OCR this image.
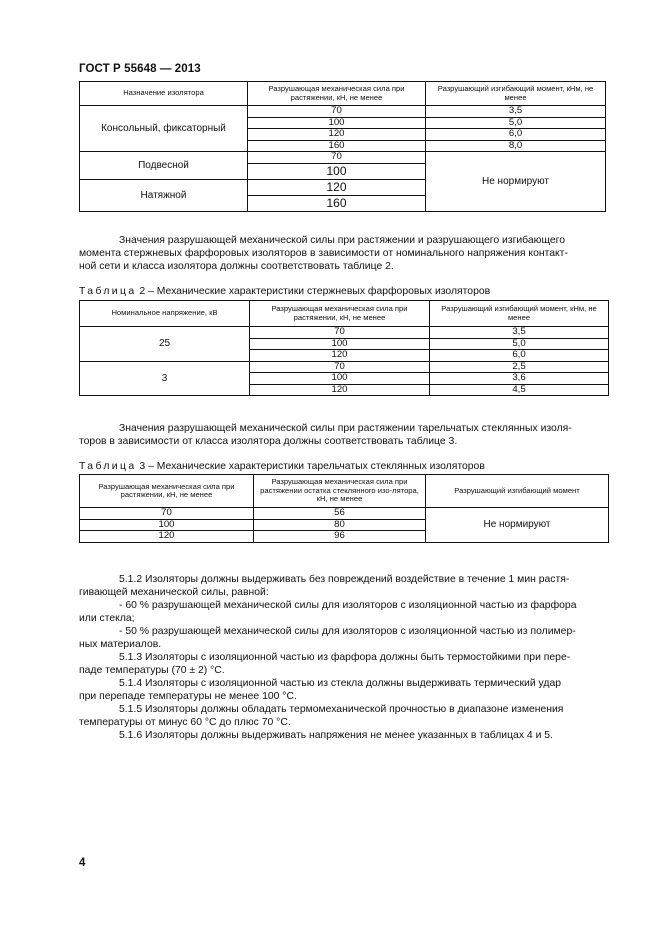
ГОСТ Р 55648 — 2013
Назначение изолятора	Разрушающая механическая сила при растяжении, кН, не менее	Разрушающий изгибающий момент, кНм, не менее
Консольный, фиксаторный	70	3,5
	100	5,0
	120	6,0
	160	8,0
Подвесной	70	Не нормируют
	100	
Натяжной	120	
	160	
Значения разрушающей механической силы при растяжении и разрушающего изгибающего
момента стержневых фарфоровых изоляторов в зависимости от номинального напряжения контакт-
ной сети и класса изолятора должны соответствовать таблице 2.
Таблица 2 – Механические характеристики стержневых фарфоровых изоляторов
Номинальное напряжение, кВ	Разрушающая механическая сила при растяжении, кН, не менее	Разрушающий изгибающий момент, кНм, не менее
25	70	3,5
	100	5,0
	120	6,0
3	70	2,5
	100	3,6
	120	4,5
Значения разрушающей механической силы при растяжении тарельчатых стеклянных изоля-
торов в зависимости от класса изолятора должны соответствовать таблице 3.
Таблица 3 – Механические характеристики тарельчатых стеклянных изоляторов
Разрушающая механическая сила при растяжении, кН, не менее	Разрушающая механическая сила при растяжении остатка стеклянного изо-лятора, кН, не менее	Разрушающий изгибающий момент
70	56	Не нормируют
100	80	
120	96	
5.1.2 Изоляторы должны выдерживать без повреждений воздействие в течение 1 мин растя-
гивающей механической силы, равной:
- 60 % разрушающей механической силы для изоляторов с изоляционной частью из фарфора
или стекла;
- 50 % разрушающей механической силы для изоляторов с изоляционной частью из полимер-
ных материалов.
5.1.3 Изоляторы с изоляционной частью из фарфора должны быть термостойкими при пере-
паде температуры (70 ± 2) °С.
5.1.4 Изоляторы с изоляционной частью из стекла должны выдерживать термический удар
при перепаде температуры не менее 100 °С.
5.1.5 Изоляторы должны обладать термомеханической прочностью в диапазоне изменения
температуры от минус 60 °С до плюс 70 °С.
5.1.6 Изоляторы должны выдерживать напряжения не менее указанных в таблицах 4 и 5.
4
